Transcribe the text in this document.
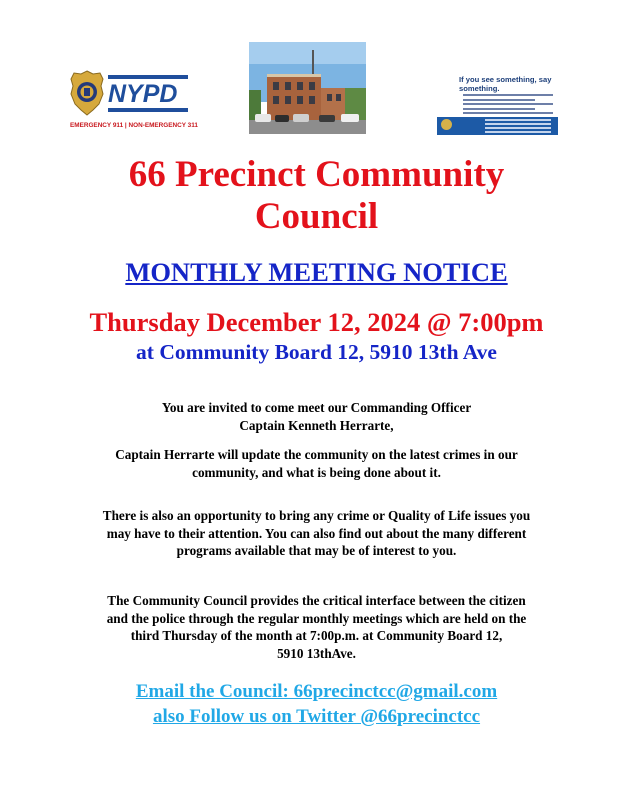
NYPD
EMERGENCY 911 | NON-EMERGENCY 311
If you see something, say something.
66 Precinct Community
Council
MONTHLY MEETING NOTICE
Thursday December 12, 2024 @ 7:00pm
at Community Board 12, 5910 13th Ave
You are invited to come meet our Commanding Officer
Captain Kenneth Herrarte,
Captain Herrarte will update the community on the latest crimes in our
community, and what is being done about it.
There is also an opportunity to bring any crime or Quality of Life issues you
may have to their attention. You can also find out about the many different
programs available that may be of interest to you.
The Community Council provides the critical interface between the citizen
and the police through the regular monthly meetings which are held on the
third Thursday of the month at 7:00p.m. at Community Board 12,
5910 13thAve.
Email the Council: 66precinctcc@gmail.com
also Follow us on Twitter @66precinctcc
